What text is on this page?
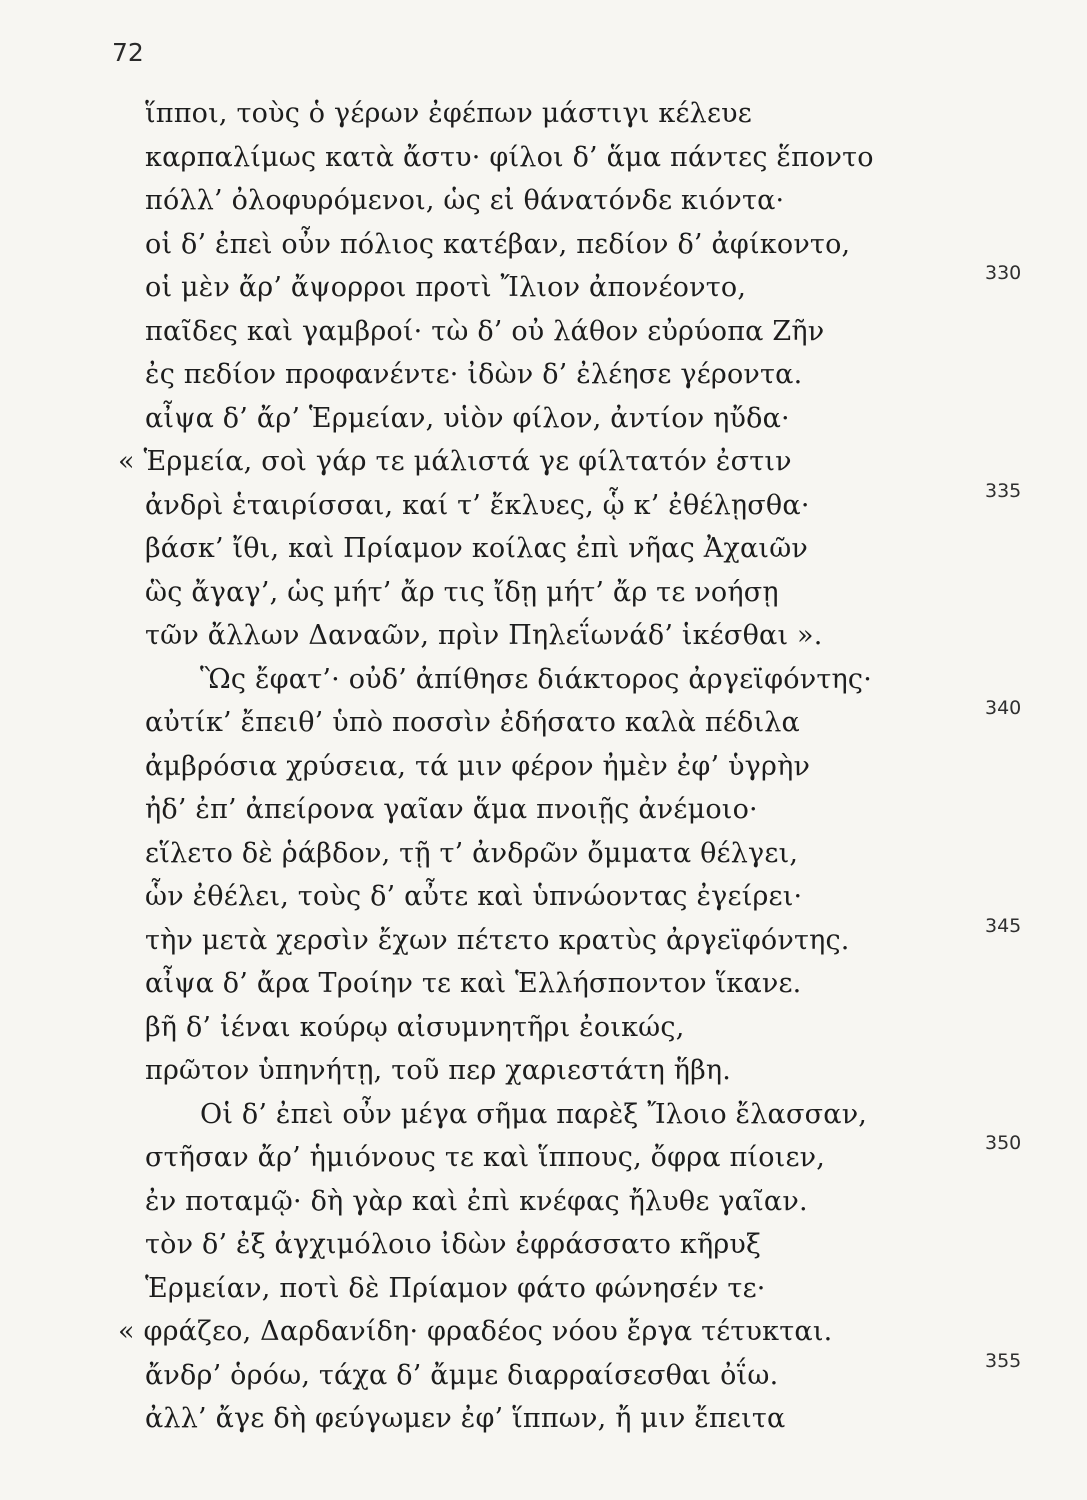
72
ἵπποι, τοὺς ὁ γέρων ἐφέπων μάστιγι κέλευε
καρπαλίμως κατὰ ἄστυ· φίλοι δ’ ἅμα πάντες ἕποντο
πόλλ’ ὀλοφυρόμενοι, ὡς εἰ θάνατόνδε κιόντα·
οἱ δ’ ἐπεὶ οὖν πόλιος κατέβαν, πεδίον δ’ ἀφίκοντο,
οἱ μὲν ἄρ’ ἄψορροι προτὶ Ἴλιον ἀπονέοντο,	330
παῖδες καὶ γαμβροί· τὼ δ’ οὐ λάθον εὐρύοπα Ζῆν
ἐς πεδίον προφανέντε· ἰδὼν δ’ ἐλέησε γέροντα.
αἶψα δ’ ἄρ’ Ἑρμείαν, υἱὸν φίλον, ἀντίον ηὔδα·
« Ἑρμεία, σοὶ γάρ τε μάλιστά γε φίλτατόν ἐστιν
ἀνδρὶ ἑταιρίσσαι, καί τ’ ἔκλυες, ᾧ κ’ ἐθέλῃσθα·	335
βάσκ’ ἴθι, καὶ Πρίαμον κοίλας ἐπὶ νῆας Ἀχαιῶν
ὣς ἄγαγ’, ὡς μήτ’ ἄρ τις ἴδῃ μήτ’ ἄρ τε νοήσῃ
τῶν ἄλλων Δαναῶν, πρὶν Πηλεΐωνάδ’ ἱκέσθαι ».
Ὣς ἔφατ’· οὐδ’ ἀπίθησε διάκτορος ἀργεϊφόντης·
αὐτίκ’ ἔπειθ’ ὑπὸ ποσσὶν ἐδήσατο καλὰ πέδιλα	340
ἀμβρόσια χρύσεια, τά μιν φέρον ἠμὲν ἐφ’ ὑγρὴν
ἠδ’ ἐπ’ ἀπείρονα γαῖαν ἅμα πνοιῇς ἀνέμοιο·
εἵλετο δὲ ῥάβδον, τῇ τ’ ἀνδρῶν ὄμματα θέλγει,
ὧν ἐθέλει, τοὺς δ’ αὖτε καὶ ὑπνώοντας ἐγείρει·
τὴν μετὰ χερσὶν ἔχων πέτετο κρατὺς ἀργεϊφόντης.	345
αἶψα δ’ ἄρα Τροίην τε καὶ Ἑλλήσποντον ἵκανε.
βῆ δ’ ἰέναι κούρῳ αἰσυμνητῆρι ἐοικώς,
πρῶτον ὑπηνήτῃ, τοῦ περ χαριεστάτη ἥβη.
Οἱ δ’ ἐπεὶ οὖν μέγα σῆμα παρὲξ Ἴλοιο ἔλασσαν,
στῆσαν ἄρ’ ἡμιόνους τε καὶ ἵππους, ὄφρα πίοιεν,	350
ἐν ποταμῷ· δὴ γὰρ καὶ ἐπὶ κνέφας ἤλυθε γαῖαν.
τὸν δ’ ἐξ ἀγχιμόλοιο ἰδὼν ἐφράσσατο κῆρυξ
Ἑρμείαν, ποτὶ δὲ Πρίαμον φάτο φώνησέν τε·
« φράζεο, Δαρδανίδη· φραδέος νόου ἔργα τέτυκται.
ἄνδρ’ ὁρόω, τάχα δ’ ἄμμε διαρραίσεσθαι ὀΐω.	355
ἀλλ’ ἄγε δὴ φεύγωμεν ἐφ’ ἵππων, ἤ μιν ἔπειτα
